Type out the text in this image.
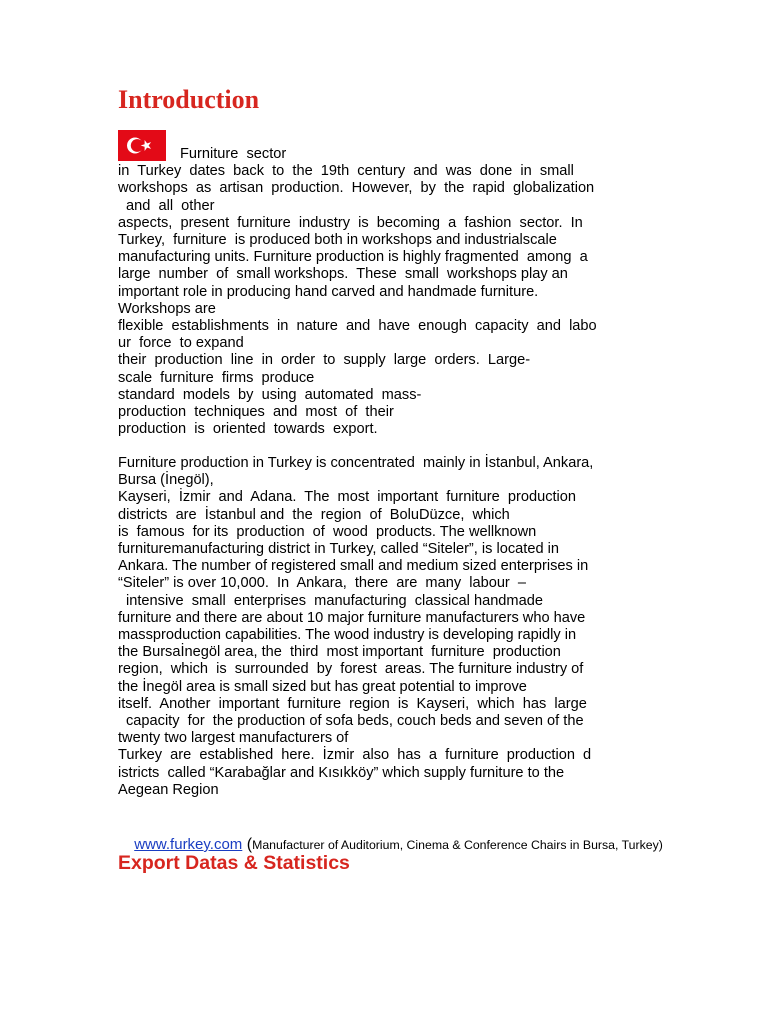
Introduction
Furniture  sector
in  Turkey  dates  back  to  the  19th  century  and  was  done  in  small
workshops  as  artisan  production.  However,  by  the  rapid  globalization
and  all  other
aspects,  present  furniture  industry  is  becoming  a  fashion  sector.  In
Turkey,  furniture  is produced both in workshops and industrialscale
manufacturing units. Furniture production is highly fragmented  among  a
large  number  of  small workshops.  These  small  workshops play an
important role in producing hand carved and handmade furniture.
Workshops are
flexible  establishments  in  nature  and  have  enough  capacity  and  labo
ur  force  to expand
their  production  line  in  order  to  supply  large  orders.  Large-
scale  furniture  firms  produce
standard  models  by  using  automated  mass-
production  techniques  and  most  of  their
production  is  oriented  towards  export.
Furniture production in Turkey is concentrated  mainly in İstanbul, Ankara,
Bursa (İnegöl),
Kayseri,  İzmir  and  Adana.  The  most  important  furniture  production
districts  are  İstanbul and  the  region  of  BoluDüzce,  which
is  famous  for its  production  of  wood  products. The wellknown
furnituremanufacturing district in Turkey, called “Siteler”, is located in
Ankara. The number of registered small and medium sized enterprises in
“Siteler” is over 10,000.  In  Ankara,  there  are  many  labour  –
intensive  small  enterprises  manufacturing  classical handmade
furniture and there are about 10 major furniture manufacturers who have
massproduction capabilities. The wood industry is developing rapidly in
the Bursaİnegöl area, the  third  most important  furniture  production
region,  which  is  surrounded  by  forest  areas. The furniture industry of
the İnegöl area is small sized but has great potential to improve
itself.  Another  important  furniture  region  is  Kayseri,  which  has  large
capacity  for  the production of sofa beds, couch beds and seven of the
twenty two largest manufacturers of
Turkey  are  established  here.  İzmir  also  has  a  furniture  production  d
istricts  called “Karabağlar and Kısıkköy” which supply furniture to the
Aegean Region

www.furkey.com (Manufacturer of Auditorium, Cinema & Conference Chairs in Bursa, Turkey)

Export Datas & Statistics
